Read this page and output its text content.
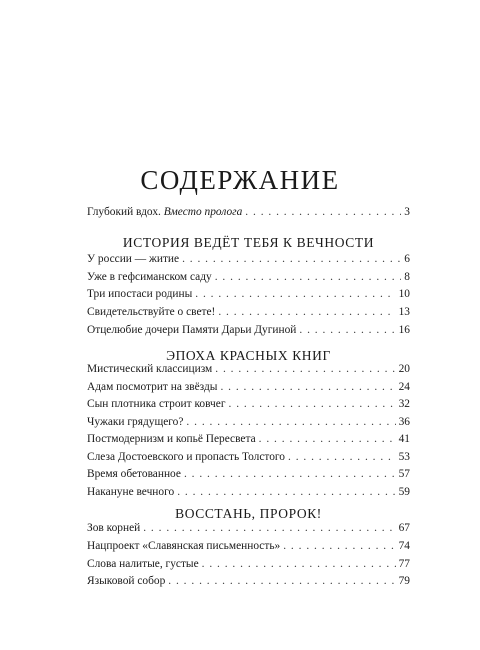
СОДЕРЖАНИЕ
Глубокий вдох. Вместо пролога . . .	3
ИСТОРИЯ ВЕДЁТ ТЕБЯ К ВЕЧНОСТИ
У россии — житие . . .	6
Уже в гефсиманском саду . . .	8
Три ипостаси родины . . .	10
Свидетельствуйте о свете! . . .	13
Отцелюбие дочери Памяти Дарьи Дугиной . . .	16
ЭПОХА КРАСНЫХ КНИГ
Мистический классицизм . . .	20
Адам посмотрит на звёзды . . .	24
Сын плотника строит ковчег . . .	32
Чужаки грядущего? . . .	36
Постмодернизм и копьё Пересвета . . .	41
Слеза Достоевского и пропасть Толстого . . .	53
Время обетованное . . .	57
Накануне вечного . . .	59
ВОССТАНЬ, ПРОРОК!
Зов корней . . .	67
Нацпроект «Славянская письменность» . . .	74
Слова налитые, густые . . .	77
Языковой собор . . .	79
